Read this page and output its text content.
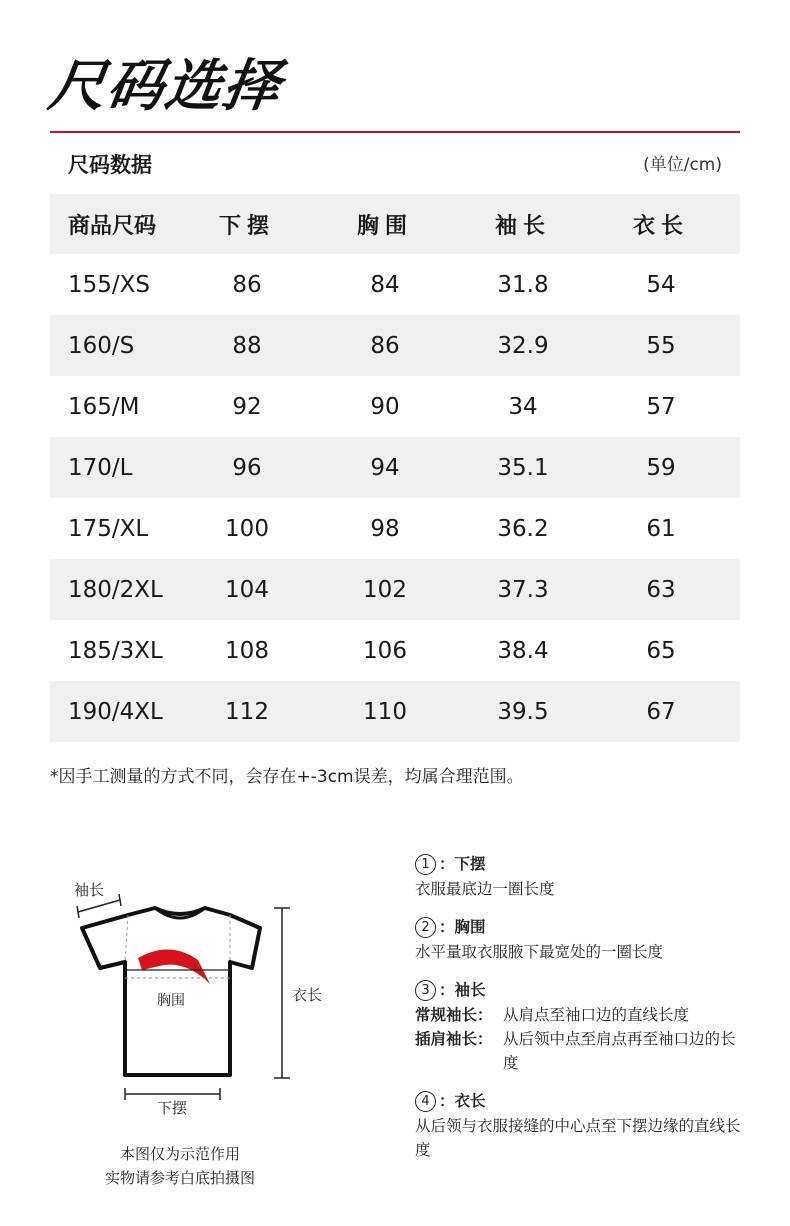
尺码选择
尺码数据	(单位/cm)
商品尺码	下摆	胸围	袖长	衣长
155/XS	86	84	31.8	54
160/S	88	86	32.9	55
165/M	92	90	34	57
170/L	96	94	35.1	59
175/XL	100	98	36.2	61
180/2XL	104	102	37.3	63
185/3XL	108	106	38.4	65
190/4XL	112	110	39.5	67
*因手工测量的方式不同，会存在+-3cm误差，均属合理范围。
袖长
胸围	衣长
下摆
本图仅为示范作用
实物请参考白底拍摄图
1 ：下摆
衣服最底边一圈长度
2 ：胸围
水平量取衣服腋下最宽处的一圈长度
3 ：袖长
常规袖长： 从肩点至袖口边的直线长度
插肩袖长： 从后领中点至肩点再至袖口边的长度
4 ：衣长
从后领与衣服接缝的中心点至下摆边缘的直线长度
